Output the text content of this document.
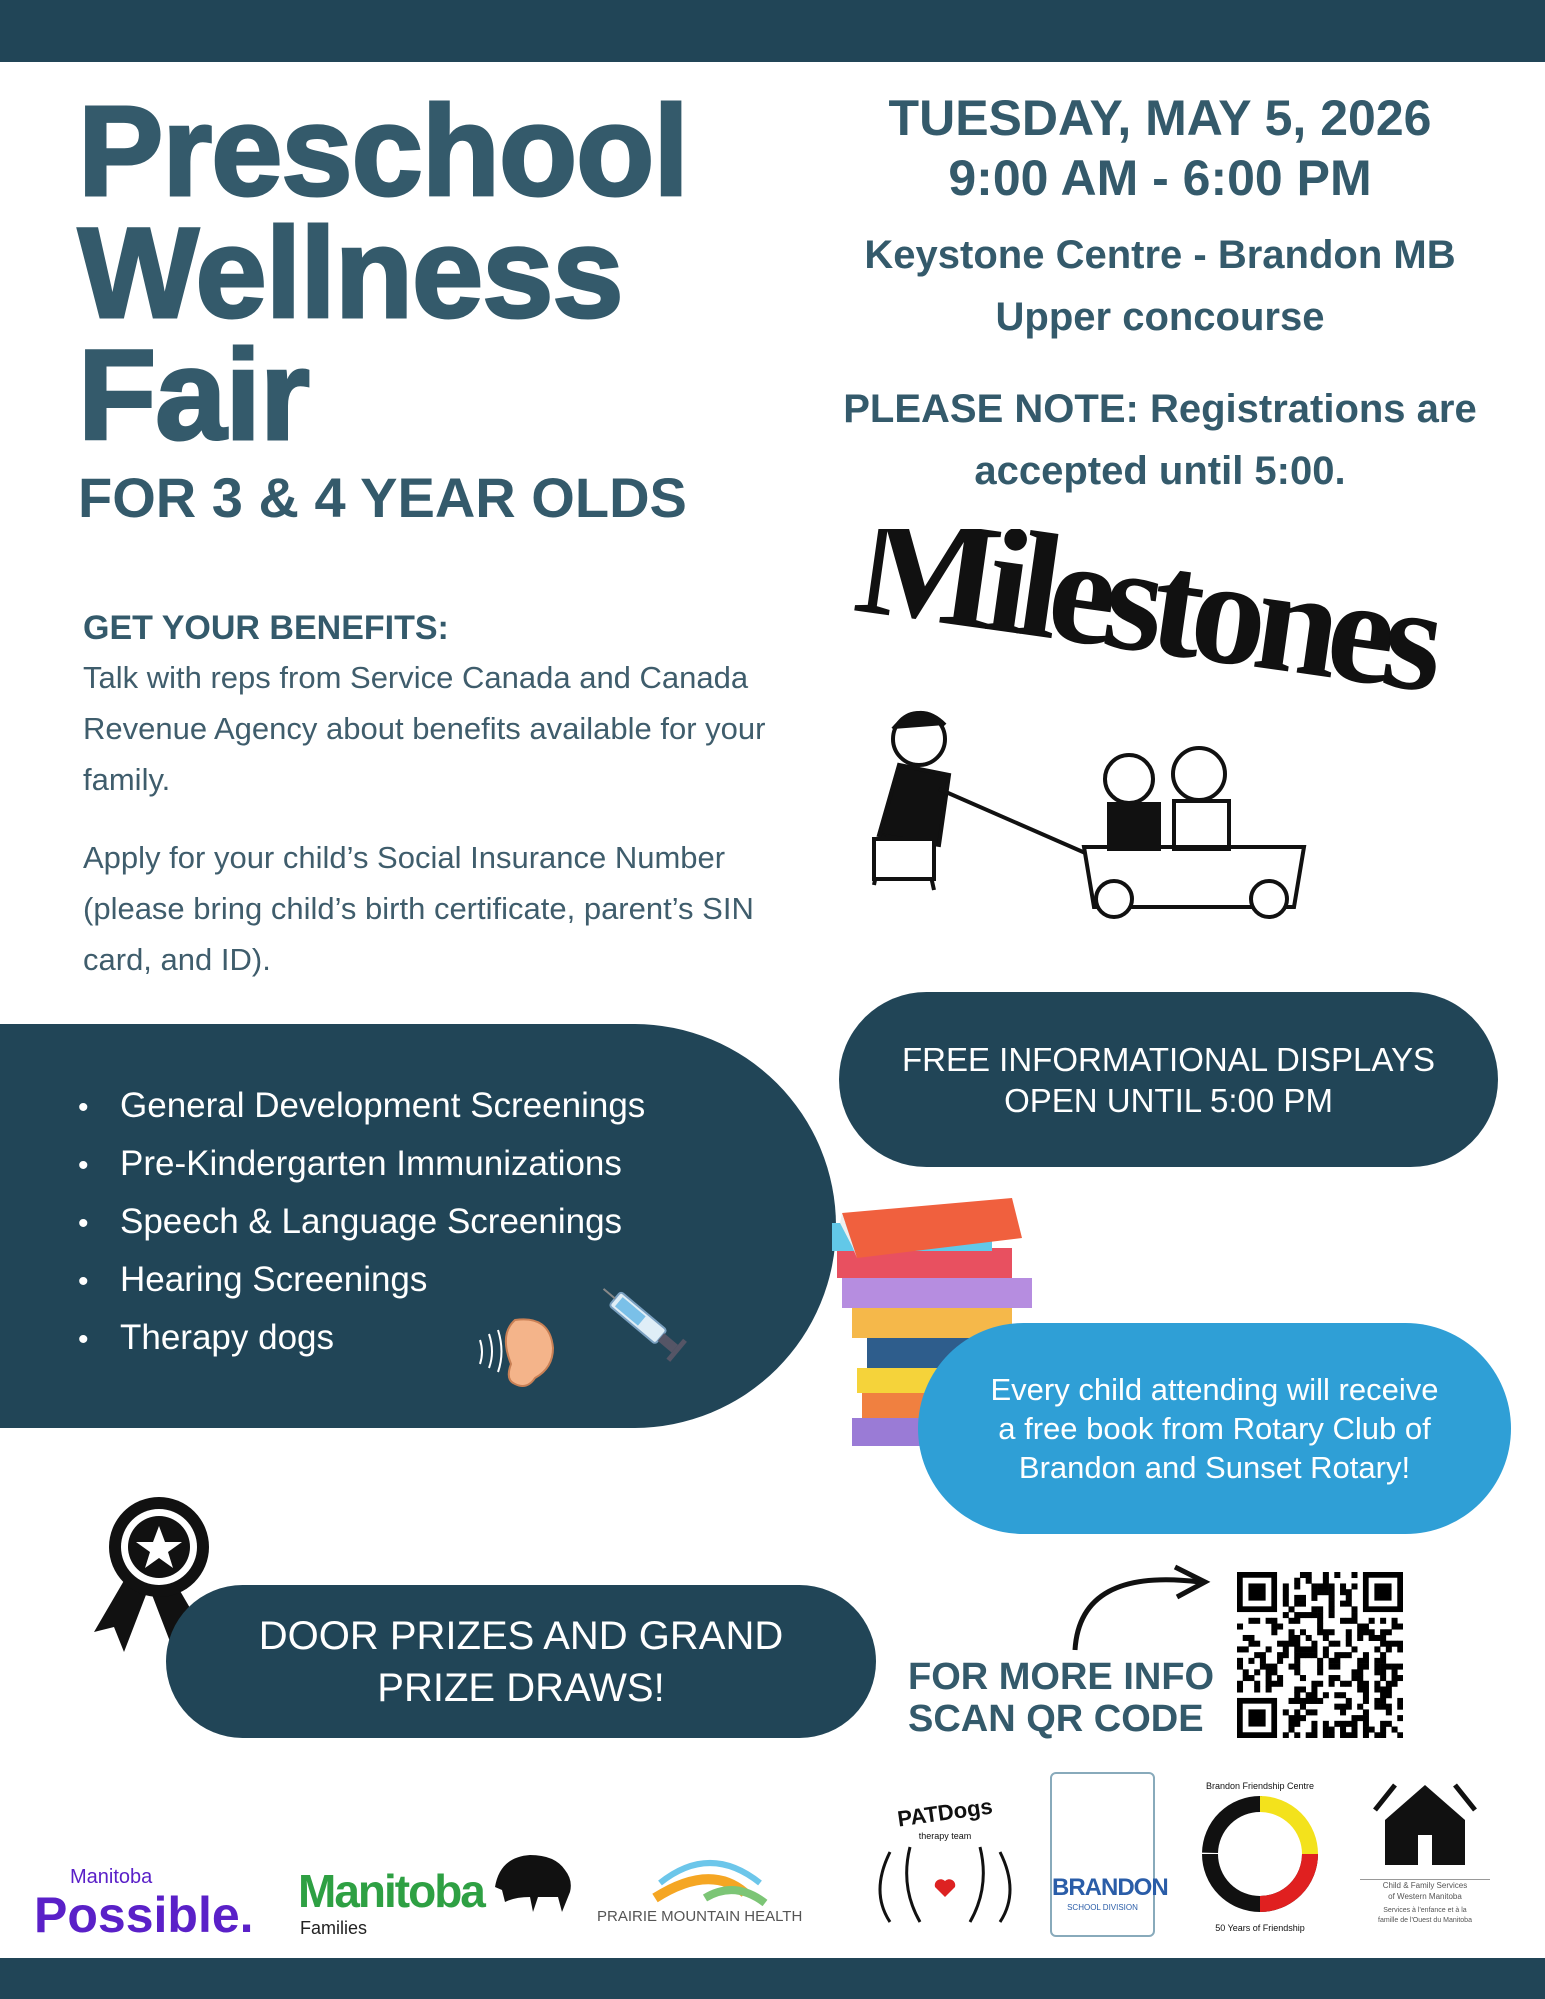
Preschool
Wellness
Fair
FOR 3 & 4 YEAR OLDS
TUESDAY, MAY 5, 2026
9:00 AM - 6:00 PM
Keystone Centre - Brandon MB
Upper concourse
PLEASE NOTE: Registrations are
accepted until 5:00.
Milestones
GET YOUR BENEFITS:
Talk with reps from Service Canada and Canada Revenue Agency about benefits available for your family.
Apply for your child’s Social Insurance Number (please bring child’s birth certificate, parent’s SIN card, and ID).
• General Development Screenings
• Pre-Kindergarten Immunizations
• Speech & Language Screenings
• Hearing Screenings
• Therapy dogs
FREE INFORMATIONAL DISPLAYS
OPEN UNTIL 5:00 PM
Every child attending will receive
a free book from Rotary Club of
Brandon and Sunset Rotary!
DOOR PRIZES AND GRAND
PRIZE DRAWS!	FOR MORE INFO
SCAN QR CODE
Manitoba
Possible. Manitoba
Families
PRAIRIE MOUNTAIN HEALTH
PATDogs
therapy team
BRANDON
SCHOOL DIVISION
Brandon Friendship Centre
50 Years of Friendship
Child & Family Services
of Western Manitoba
Services à l'enfance et à la
famille de l'Ouest du Manitoba
